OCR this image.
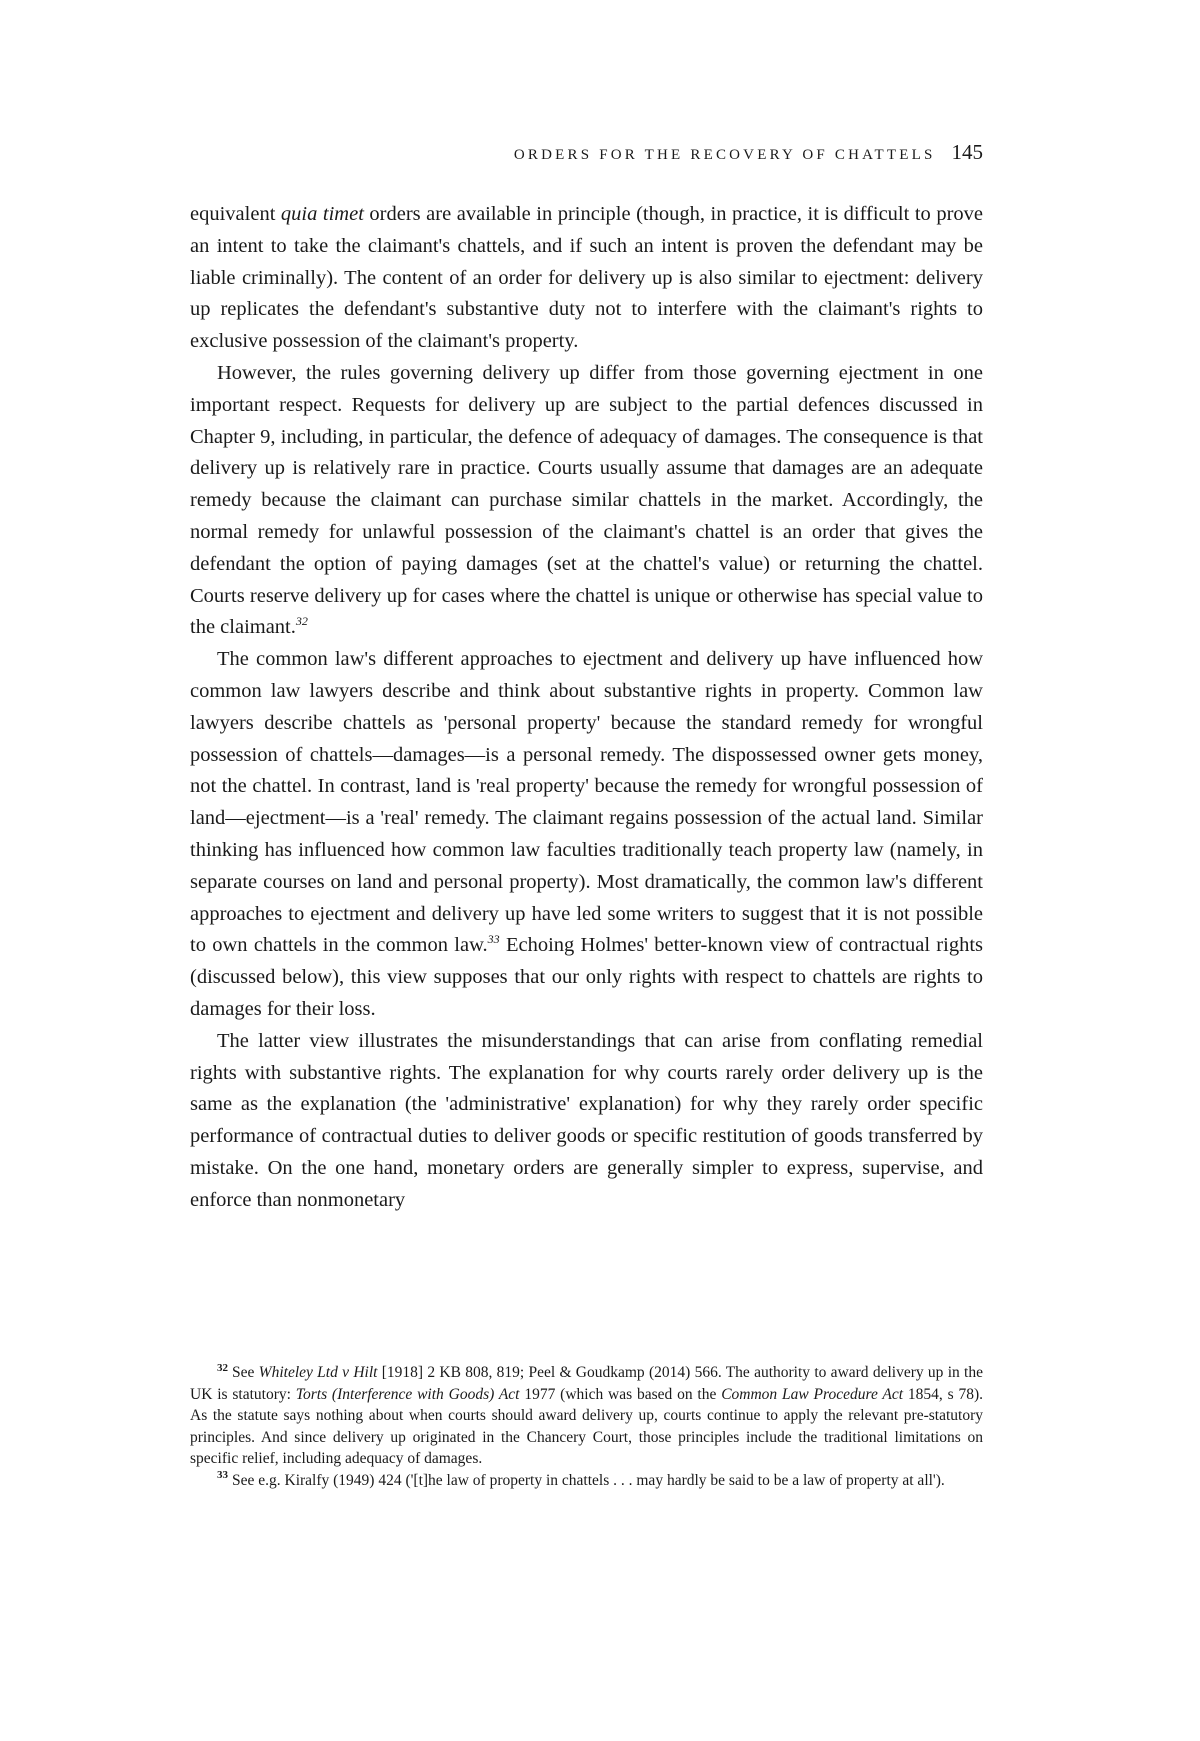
ORDERS FOR THE RECOVERY OF CHATTELS 145

equivalent quia timet orders are available in principle (though, in practice, it is difficult to prove an intent to take the claimant's chattels, and if such an intent is proven the defendant may be liable criminally). The content of an order for delivery up is also similar to ejectment: delivery up replicates the defendant's substantive duty not to interfere with the claimant's rights to exclusive possession of the claimant's property.

However, the rules governing delivery up differ from those governing ejectment in one important respect. Requests for delivery up are subject to the partial defences discussed in Chapter 9, including, in particular, the defence of adequacy of damages. The consequence is that delivery up is relatively rare in practice. Courts usually assume that damages are an adequate remedy because the claimant can purchase similar chattels in the market. Accordingly, the normal remedy for unlawful possession of the claimant's chattel is an order that gives the defendant the option of paying damages (set at the chattel's value) or returning the chattel. Courts reserve delivery up for cases where the chattel is unique or otherwise has special value to the claimant.$^{32}$

The common law's different approaches to ejectment and delivery up have influenced how common law lawyers describe and think about substantive rights in property. Common law lawyers describe chattels as 'personal property' because the standard remedy for wrongful possession of chattels—damages—is a personal remedy. The dispossessed owner gets money, not the chattel. In contrast, land is 'real property' because the remedy for wrongful possession of land—ejectment—is a 'real' remedy. The claimant regains possession of the actual land. Similar thinking has influenced how common law faculties traditionally teach property law (namely, in separate courses on land and personal property). Most dramatically, the common law's different approaches to ejectment and delivery up have led some writers to suggest that it is not possible to own chattels in the common law.$^{33}$ Echoing Holmes' better-known view of contractual rights (discussed below), this view supposes that our only rights with respect to chattels are rights to damages for their loss.

The latter view illustrates the misunderstandings that can arise from conflating remedial rights with substantive rights. The explanation for why courts rarely order delivery up is the same as the explanation (the 'administrative' explanation) for why they rarely order specific performance of contractual duties to deliver goods or specific restitution of goods transferred by mistake. On the one hand, monetary orders are generally simpler to express, supervise, and enforce than nonmonetary

$^{32}$ See Whiteley Ltd v Hilt [1918] 2 KB 808, 819; Peel & Goudkamp (2014) 566. The authority to award delivery up in the UK is statutory: Torts (Interference with Goods) Act 1977 (which was based on the Common Law Procedure Act 1854, s 78). As the statute says nothing about when courts should award delivery up, courts continue to apply the relevant pre-statutory principles. And since delivery up originated in the Chancery Court, those principles include the traditional limitations on specific relief, including adequacy of damages.

$^{33}$ See e.g. Kiralfy (1949) 424 ('[t]he law of property in chattels . . . may hardly be said to be a law of property at all').
